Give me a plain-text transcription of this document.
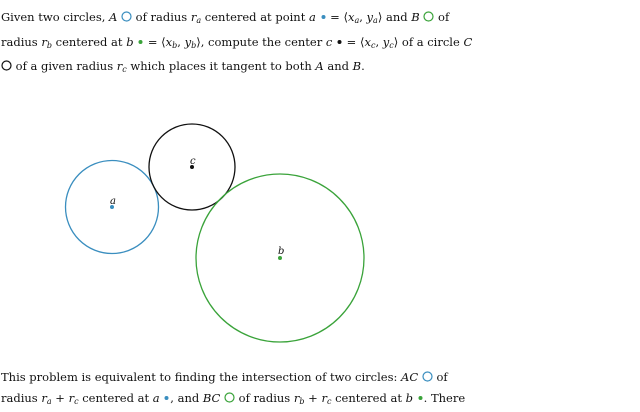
Given two circles, A  of radius $r_a$ centered at point $a = ⟨x_a$, $y_a⟩$ and B  of
radius $r_b$ centered at $b = ⟨x_b$, $y_b⟩$, compute the center $c = ⟨x_c$, $y_c⟩$ of a circle C
of a given radius $r_c$ which places it tangent to both A and B.
a
c
b
This problem is equivalent to finding the intersection of two circles: AC  of
radius $r_a + r_c$ centered at a , and BC  of radius $r_b + r_c$ centered at b . There
